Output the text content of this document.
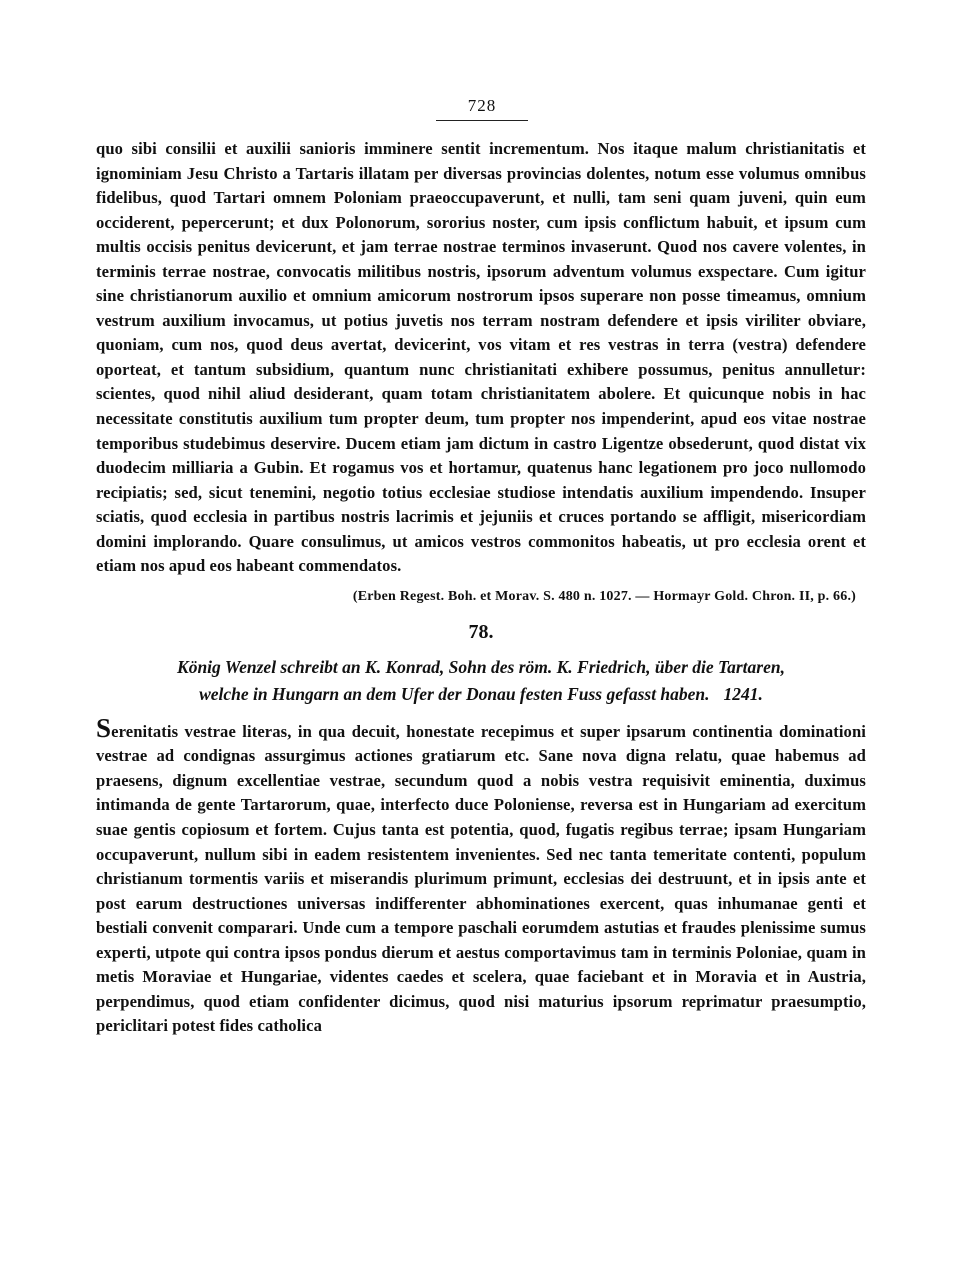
728

quo sibi consilii et auxilii sanioris imminere sentit incrementum. Nos itaque malum christianitatis et ignominiam Jesu Christo a Tartaris illatam per diversas provincias dolentes, notum esse volumus omnibus fidelibus, quod Tartari omnem Poloniam praeoccupaverunt, et nulli, tam seni quam juveni, quin eum occiderent, pepercerunt; et dux Polonorum, sororius noster, cum ipsis conflictum habuit, et ipsum cum multis occisis penitus devicerunt, et jam terrae nostrae terminos invaserunt. Quod nos cavere volentes, in terminis terrae nostrae, convocatis militibus nostris, ipsorum adventum volumus exspectare. Cum igitur sine christianorum auxilio et omnium amicorum nostrorum ipsos superare non posse timeamus, omnium vestrum auxilium invocamus, ut potius juvetis nos terram nostram defendere et ipsis viriliter obviare, quoniam, cum nos, quod deus avertat, devicerint, vos vitam et res vestras in terra (vestra) defendere oporteat, et tantum subsidium, quantum nunc christianitati exhibere possumus, penitus annulletur: scientes, quod nihil aliud desiderant, quam totam christianitatem abolere. Et quicunque nobis in hac necessitate constitutis auxilium tum propter deum, tum propter nos impenderint, apud eos vitae nostrae temporibus studebimus deservire. Ducem etiam jam dictum in castro Ligentze obsederunt, quod distat vix duodecim milliaria a Gubin. Et rogamus vos et hortamur, quatenus hanc legationem pro joco nullomodo recipiatis; sed, sicut tenemini, negotio totius ecclesiae studiose intendatis auxilium impendendo. Insuper sciatis, quod ecclesia in partibus nostris lacrimis et jejuniis et cruces portando se affligit, misericordiam domini implorando. Quare consulimus, ut amicos vestros commonitos habeatis, ut pro ecclesia orent et etiam nos apud eos habeant commendatos.

(Erben Regest. Boh. et Morav. S. 480 n. 1027. — Hormayr Gold. Chron. II, p. 66.)
78.
König Wenzel schreibt an K. Konrad, Sohn des röm. K. Friedrich, über die Tartaren,
welche in Hungarn an dem Ufer der Donau festen Fuss gefasst haben. 1241.

Serenitatis vestrae literas, in qua decuit, honestate recepimus et super ipsarum continentia dominationi vestrae ad condignas assurgimus actiones gratiarum etc. Sane nova digna relatu, quae habemus ad praesens, dignum excellentiae vestrae, secundum quod a nobis vestra requisivit eminentia, duximus intimanda de gente Tartarorum, quae, interfecto duce Poloniense, reversa est in Hungariam ad exercitum suae gentis copiosum et fortem. Cujus tanta est potentia, quod, fugatis regibus terrae; ipsam Hungariam occupaverunt, nullum sibi in eadem resistentem invenientes. Sed nec tanta temeritate contenti, populum christianum tormentis variis et miserandis plurimum primunt, ecclesias dei destruunt, et in ipsis ante et post earum destructiones universas indifferenter abhominationes exercent, quas inhumanae genti et bestiali convenit comparari. Unde cum a tempore paschali eorumdem astutias et fraudes plenissime sumus experti, utpote qui contra ipsos pondus dierum et aestus comportavimus tam in terminis Poloniae, quam in metis Moraviae et Hungariae, videntes caedes et scelera, quae faciebant et in Moravia et in Austria, perpendimus, quod etiam confidenter dicimus, quod nisi maturius ipsorum reprimatur praesumptio, periclitari potest fides catholica
